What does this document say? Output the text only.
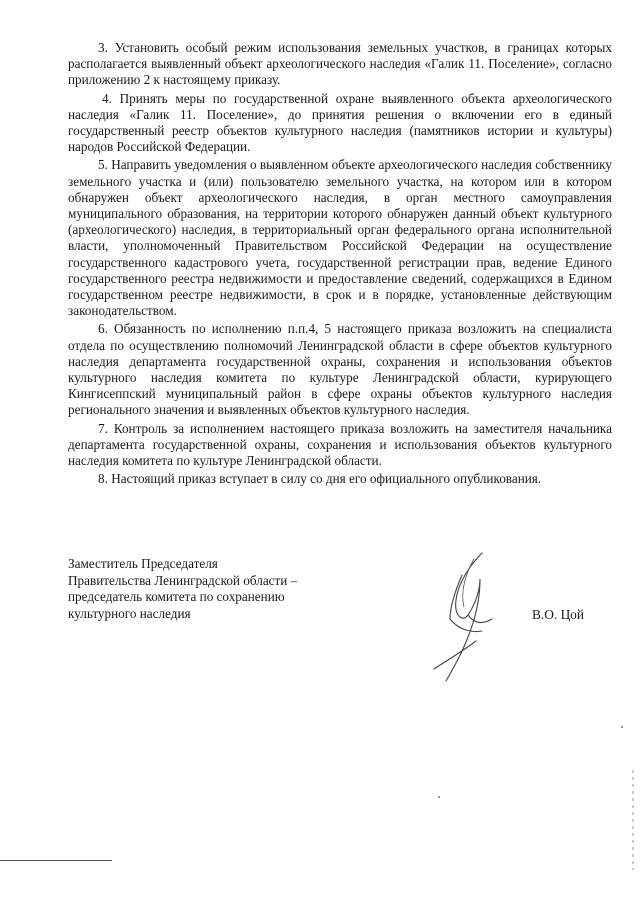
3. Установить особый режим использования земельных участков, в границах которых располагается выявленный объект археологического наследия «Галик 11. Поселение», согласно приложению 2 к настоящему приказу.

4. Принять меры по государственной охране выявленного объекта археологического наследия «Галик 11. Поселение», до принятия решения о включении его в единый государственный реестр объектов культурного наследия (памятников истории и культуры) народов Российской Федерации.

5. Направить уведомления о выявленном объекте археологического наследия собственнику земельного участка и (или) пользователю земельного участка, на котором или в котором обнаружен объект археологического наследия, в орган местного самоуправления муниципального образования, на территории которого обнаружен данный объект культурного (археологического) наследия, в территориальный орган федерального органа исполнительной власти, уполномоченный Правительством Российской Федерации на осуществление государственного кадастрового учета, государственной регистрации прав, ведение Единого государственного реестра недвижимости и предоставление сведений, содержащихся в Едином государственном реестре недвижимости, в срок и в порядке, установленные действующим законодательством.

6. Обязанность по исполнению п.п.4, 5 настоящего приказа возложить на специалиста отдела по осуществлению полномочий Ленинградской области в сфере объектов культурного наследия департамента государственной охраны, сохранения и использования объектов культурного наследия комитета по культуре Ленинградской области, курирующего Кингисеппский муниципальный район в сфере охраны объектов культурного наследия регионального значения и выявленных объектов культурного наследия.

7. Контроль за исполнением настоящего приказа возложить на заместителя начальника департамента государственной охраны, сохранения и использования объектов культурного наследия комитета по культуре Ленинградской области.

8. Настоящий приказ вступает в силу со дня его официального опубликования.

Заместитель Председателя
Правительства Ленинградской области –
председатель комитета по сохранению
культурного наследия	В.О. Цой
